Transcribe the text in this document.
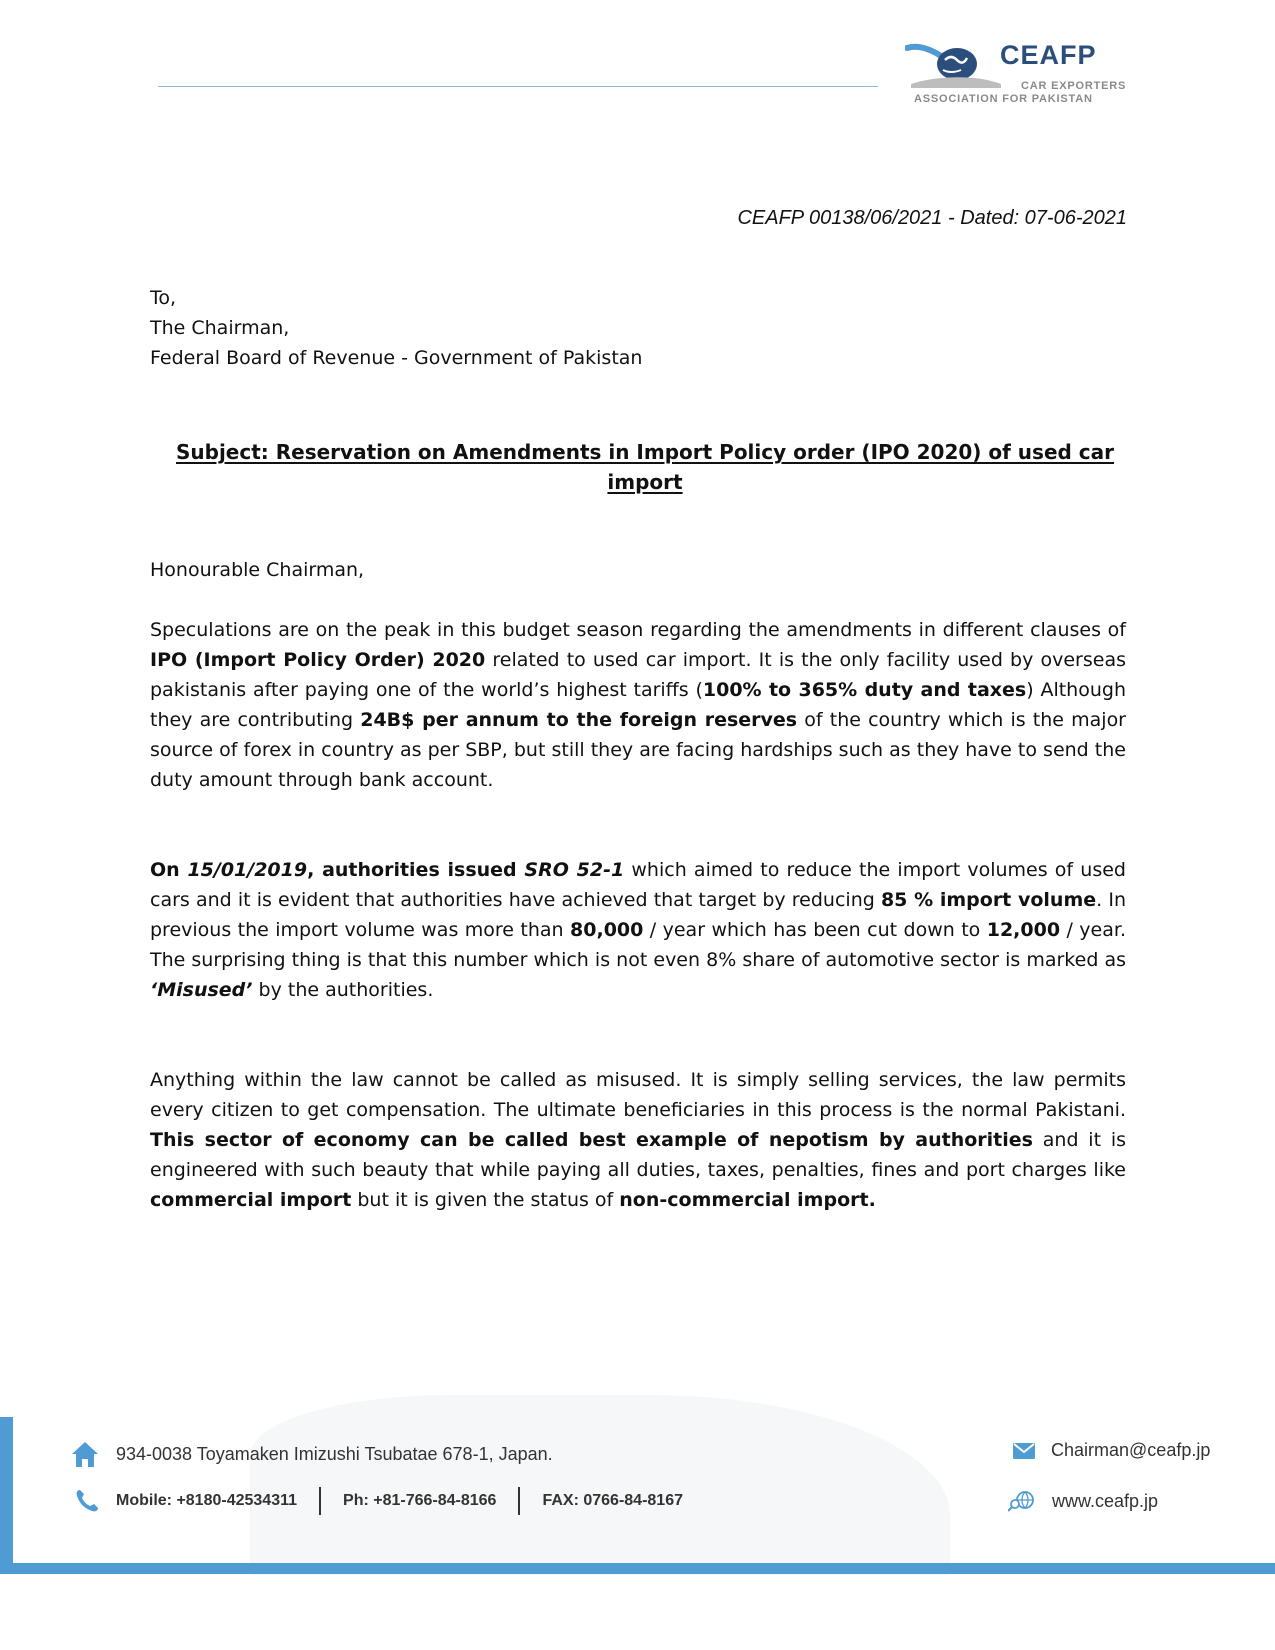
CEAFP
CAR EXPORTERS
ASSOCIATION FOR PAKISTAN
CEAFP 00138/06/2021 - Dated: 07-06-2021

To,

The Chairman,

Federal Board of Revenue - Government of Pakistan

Subject: Reservation on Amendments in Import Policy order (IPO 2020) of used car import

Honourable Chairman,

Speculations are on the peak in this budget season regarding the amendments in different clauses of IPO (Import Policy Order) 2020 related to used car import. It is the only facility used by overseas pakistanis after paying one of the world’s highest tariffs (100% to 365% duty and taxes) Although they are contributing 24B$ per annum to the foreign reserves of the country which is the major source of forex in country as per SBP, but still they are facing hardships such as they have to send the duty amount through bank account.

On 15/01/2019, authorities issued SRO 52-1 which aimed to reduce the import volumes of used cars and it is evident that authorities have achieved that target by reducing 85 % import volume. In previous the import volume was more than 80,000 / year which has been cut down to 12,000 / year. The surprising thing is that this number which is not even 8% share of automotive sector is marked as ‘Misused’ by the authorities.

Anything within the law cannot be called as misused. It is simply selling services, the law permits every citizen to get compensation. The ultimate beneficiaries in this process is the normal Pakistani. This sector of economy can be called best example of nepotism by authorities and it is engineered with such beauty that while paying all duties, taxes, penalties, fines and port charges like commercial import but it is given the status of non-commercial import.

934-0038 Toyamaken Imizushi Tsubatae 678-1, Japan.
Mobile: +8180-42534311	Ph: +81-766-84-8166	FAX: 0766-84-8167
Chairman@ceafp.jp
www.ceafp.jp
